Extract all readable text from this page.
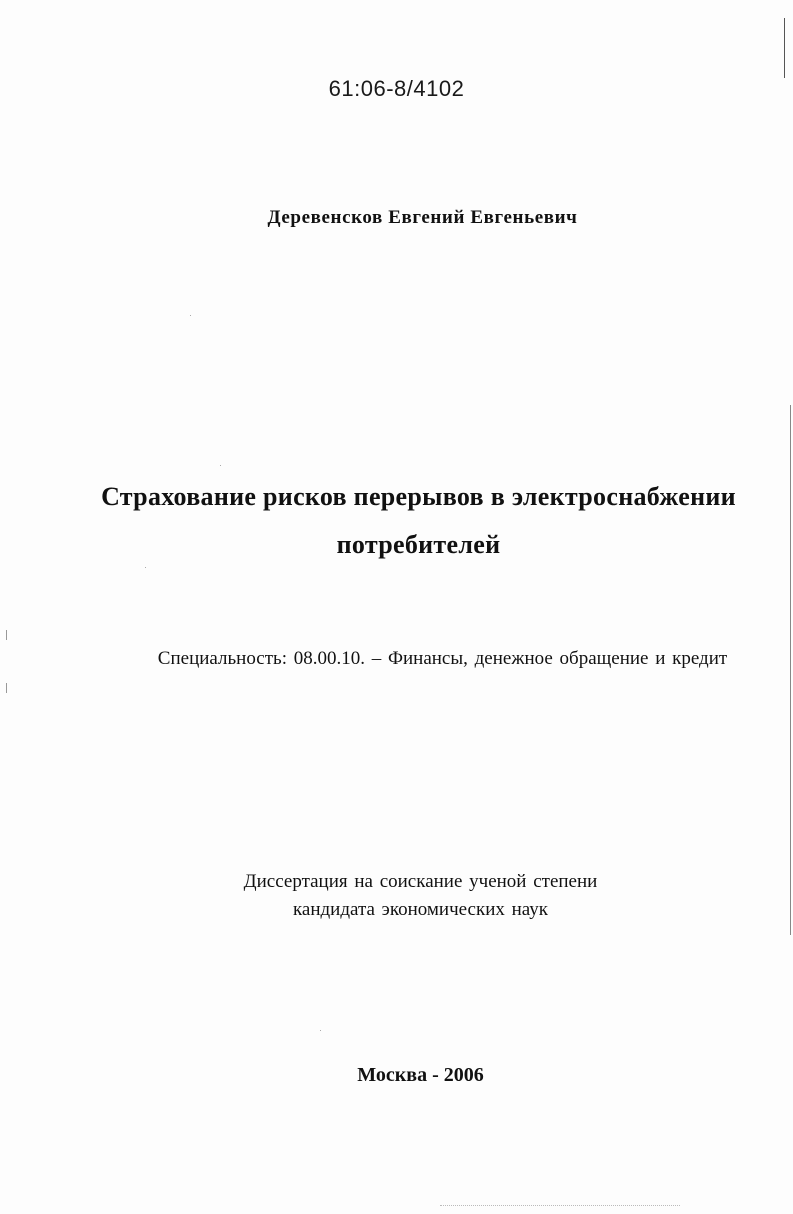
61:06-8/4102
Деревенсков Евгений Евгеньевич
Страхование рисков перерывов в электроснабжении
потребителей
Специальность: 08.00.10. – Финансы, денежное обращение и кредит
Диссертация на соискание ученой степени
кандидата экономических наук
Москва - 2006
